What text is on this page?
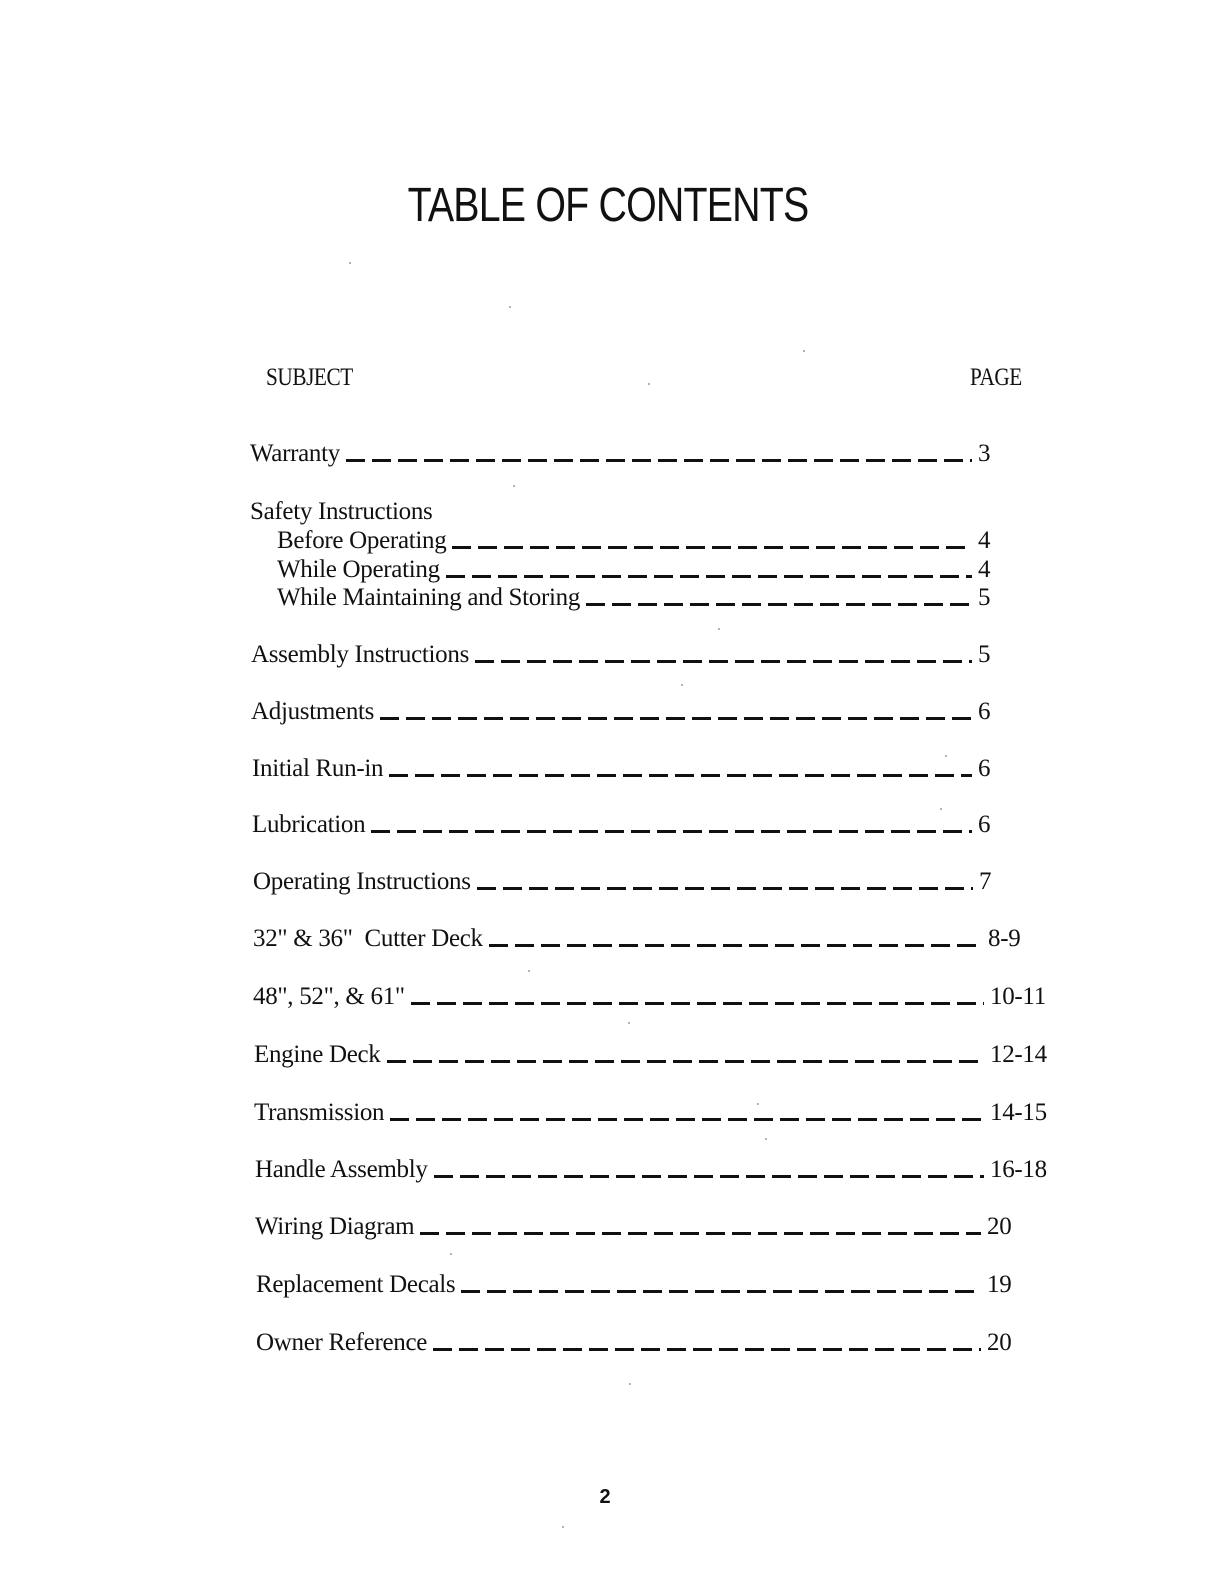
TABLE OF CONTENTS
SUBJECT	PAGE
Warranty	3
Safety Instructions
Before Operating	4
While Operating	4
While Maintaining and Storing	5
Assembly Instructions	5
Adjustments	6
Initial Run-in	6
Lubrication	6
Operating Instructions	7
32" & 36"  Cutter Deck	8-9
48", 52", & 61"	10-11
Engine Deck	12-14
Transmission	14-15
Handle Assembly	16-18
Wiring Diagram	20
Replacement Decals	19
Owner Reference	20
2
